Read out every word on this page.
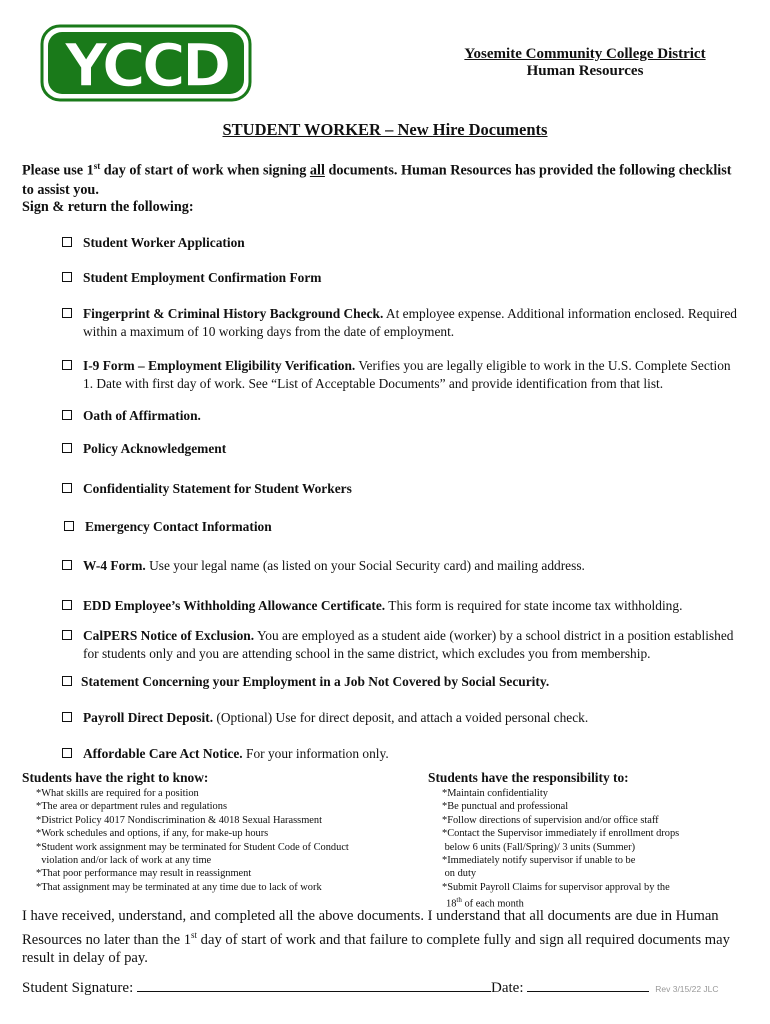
YCCD	Yosemite Community College District
Human Resources
STUDENT WORKER – New Hire Documents
Please use 1st day of start of work when signing all documents. Human Resources has provided the following checklist to assist you.
Sign & return the following:
Student Worker Application
Student Employment Confirmation Form
Fingerprint & Criminal History Background Check. At employee expense. Additional information enclosed. Required within a maximum of 10 working days from the date of employment.
I-9 Form – Employment Eligibility Verification. Verifies you are legally eligible to work in the U.S. Complete Section 1. Date with first day of work. See “List of Acceptable Documents” and provide identification from that list.
Oath of Affirmation.
Policy Acknowledgement
Confidentiality Statement for Student Workers
Emergency Contact Information
W-4 Form. Use your legal name (as listed on your Social Security card) and mailing address.
EDD Employee’s Withholding Allowance Certificate. This form is required for state income tax withholding.
CalPERS Notice of Exclusion. You are employed as a student aide (worker) by a school district in a position established for students only and you are attending school in the same district, which excludes you from membership.
Statement Concerning your Employment in a Job Not Covered by Social Security.
Payroll Direct Deposit. (Optional) Use for direct deposit, and attach a voided personal check.
Affordable Care Act Notice. For your information only.
Students have the right to know:
*What skills are required for a position
*The area or department rules and regulations
*District Policy 4017 Nondiscrimination & 4018 Sexual Harassment
*Work schedules and options, if any, for make-up hours
*Student work assignment may be terminated for Student Code of Conduct
violation and/or lack of work at any time
*That poor performance may result in reassignment
*That assignment may be terminated at any time due to lack of work
Students have the responsibility to:
*Maintain confidentiality
*Be punctual and professional
*Follow directions of supervision and/or office staff
*Contact the Supervisor immediately if enrollment drops
below 6 units (Fall/Spring)/ 3 units (Summer)
*Immediately notify supervisor if unable to be
on duty
*Submit Payroll Claims for supervisor approval by the
18th of each month
I have received, understand, and completed all the above documents. I understand that all documents are due in Human Resources no later than the 1st day of start of work and that failure to complete fully and sign all required documents may result in delay of pay.
Student Signature:	Date:	Rev 3/15/22 JLC
